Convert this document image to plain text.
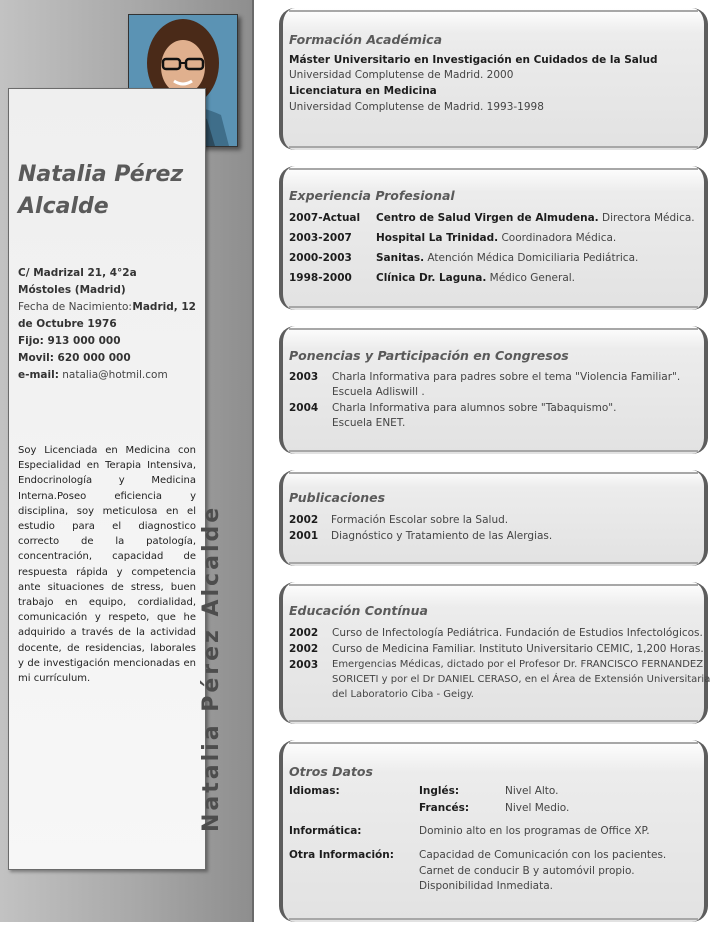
Natalia Pérez
Alcalde

C/ Madrizal 21, 4°2a
Móstoles (Madrid)
Fecha de Nacimiento: Madrid, 12
de Octubre 1976
Fijo: 913 000 000
Movil: 620 000 000
e-mail: natalia@hotmil.com
Soy Licenciada en Medicina con Especialidad en Terapia Intensiva, Endocrinología y Medicina Interna.Poseo eficiencia y disciplina, soy meticulosa en el estudio para el diagnostico correcto de la patología, concentración, capacidad de respuesta rápida y competencia ante situaciones de stress, buen trabajo en equipo, cordialidad, comunicación y respeto, que he adquirido a través de la actividad docente, de residencias, laborales y de investigación mencionadas en mi currículum.	Natalia Pérez Alcalde

Formación Académica

Máster Universitario en Investigación en Cuidados de la Salud
Universidad Complutense de Madrid. 2000
Licenciatura en Medicina
Universidad Complutense de Madrid. 1993-1998

Experiencia Profesional

2007-Actual Centro de Salud Virgen de Almudena. Directora Médica.
2003-2007 Hospital La Trinidad. Coordinadora Médica.
2000-2003 Sanitas. Atención Médica Domiciliaria Pediátrica.
1998-2000 Clínica Dr. Laguna. Médico General.

Ponencias y Participación en Congresos

2003 Charla Informativa para padres sobre el tema "Violencia Familiar".
Escuela Adliswill .
2004 Charla Informativa para alumnos sobre "Tabaquismo".
Escuela ENET.

Publicaciones

2002 Formación Escolar sobre la Salud.
2001 Diagnóstico y Tratamiento de las Alergias.

Educación Contínua

2002 Curso de Infectología Pediátrica. Fundación de Estudios Infectológicos.
2002 Curso de Medicina Familiar. Instituto Universitario CEMIC, 1,200 Horas.
2003 Emergencias Médicas, dictado por el Profesor Dr. FRANCISCO FERNANDEZ
SORICETI y por el Dr DANIEL CERASO, en el Área de Extensión Universitaria
del Laboratorio Ciba - Geigy.

Otros Datos

Idiomas:	Inglés:	Nivel Alto.
Francés:	Nivel Medio.
Informática:	Dominio alto en los programas de Office XP.
Otra Información: Capacidad de Comunicación con los pacientes.
Carnet de conducir B y automóvil propio.
Disponibilidad Inmediata.
